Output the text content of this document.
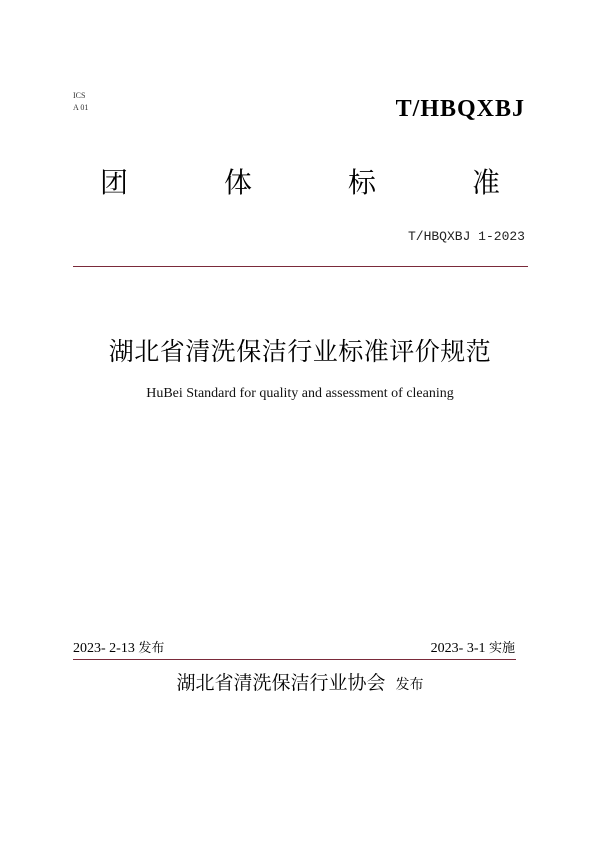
ICS
A 01	T/HBQXBJ
团	体	标	准
T/HBQXBJ 1-2023
湖北省清洗保洁行业标准评价规范
HuBei Standard for quality and assessment of cleaning
2023- 2-13 发布	2023- 3-1 实施
湖北省清洗保洁行业协会 发布
